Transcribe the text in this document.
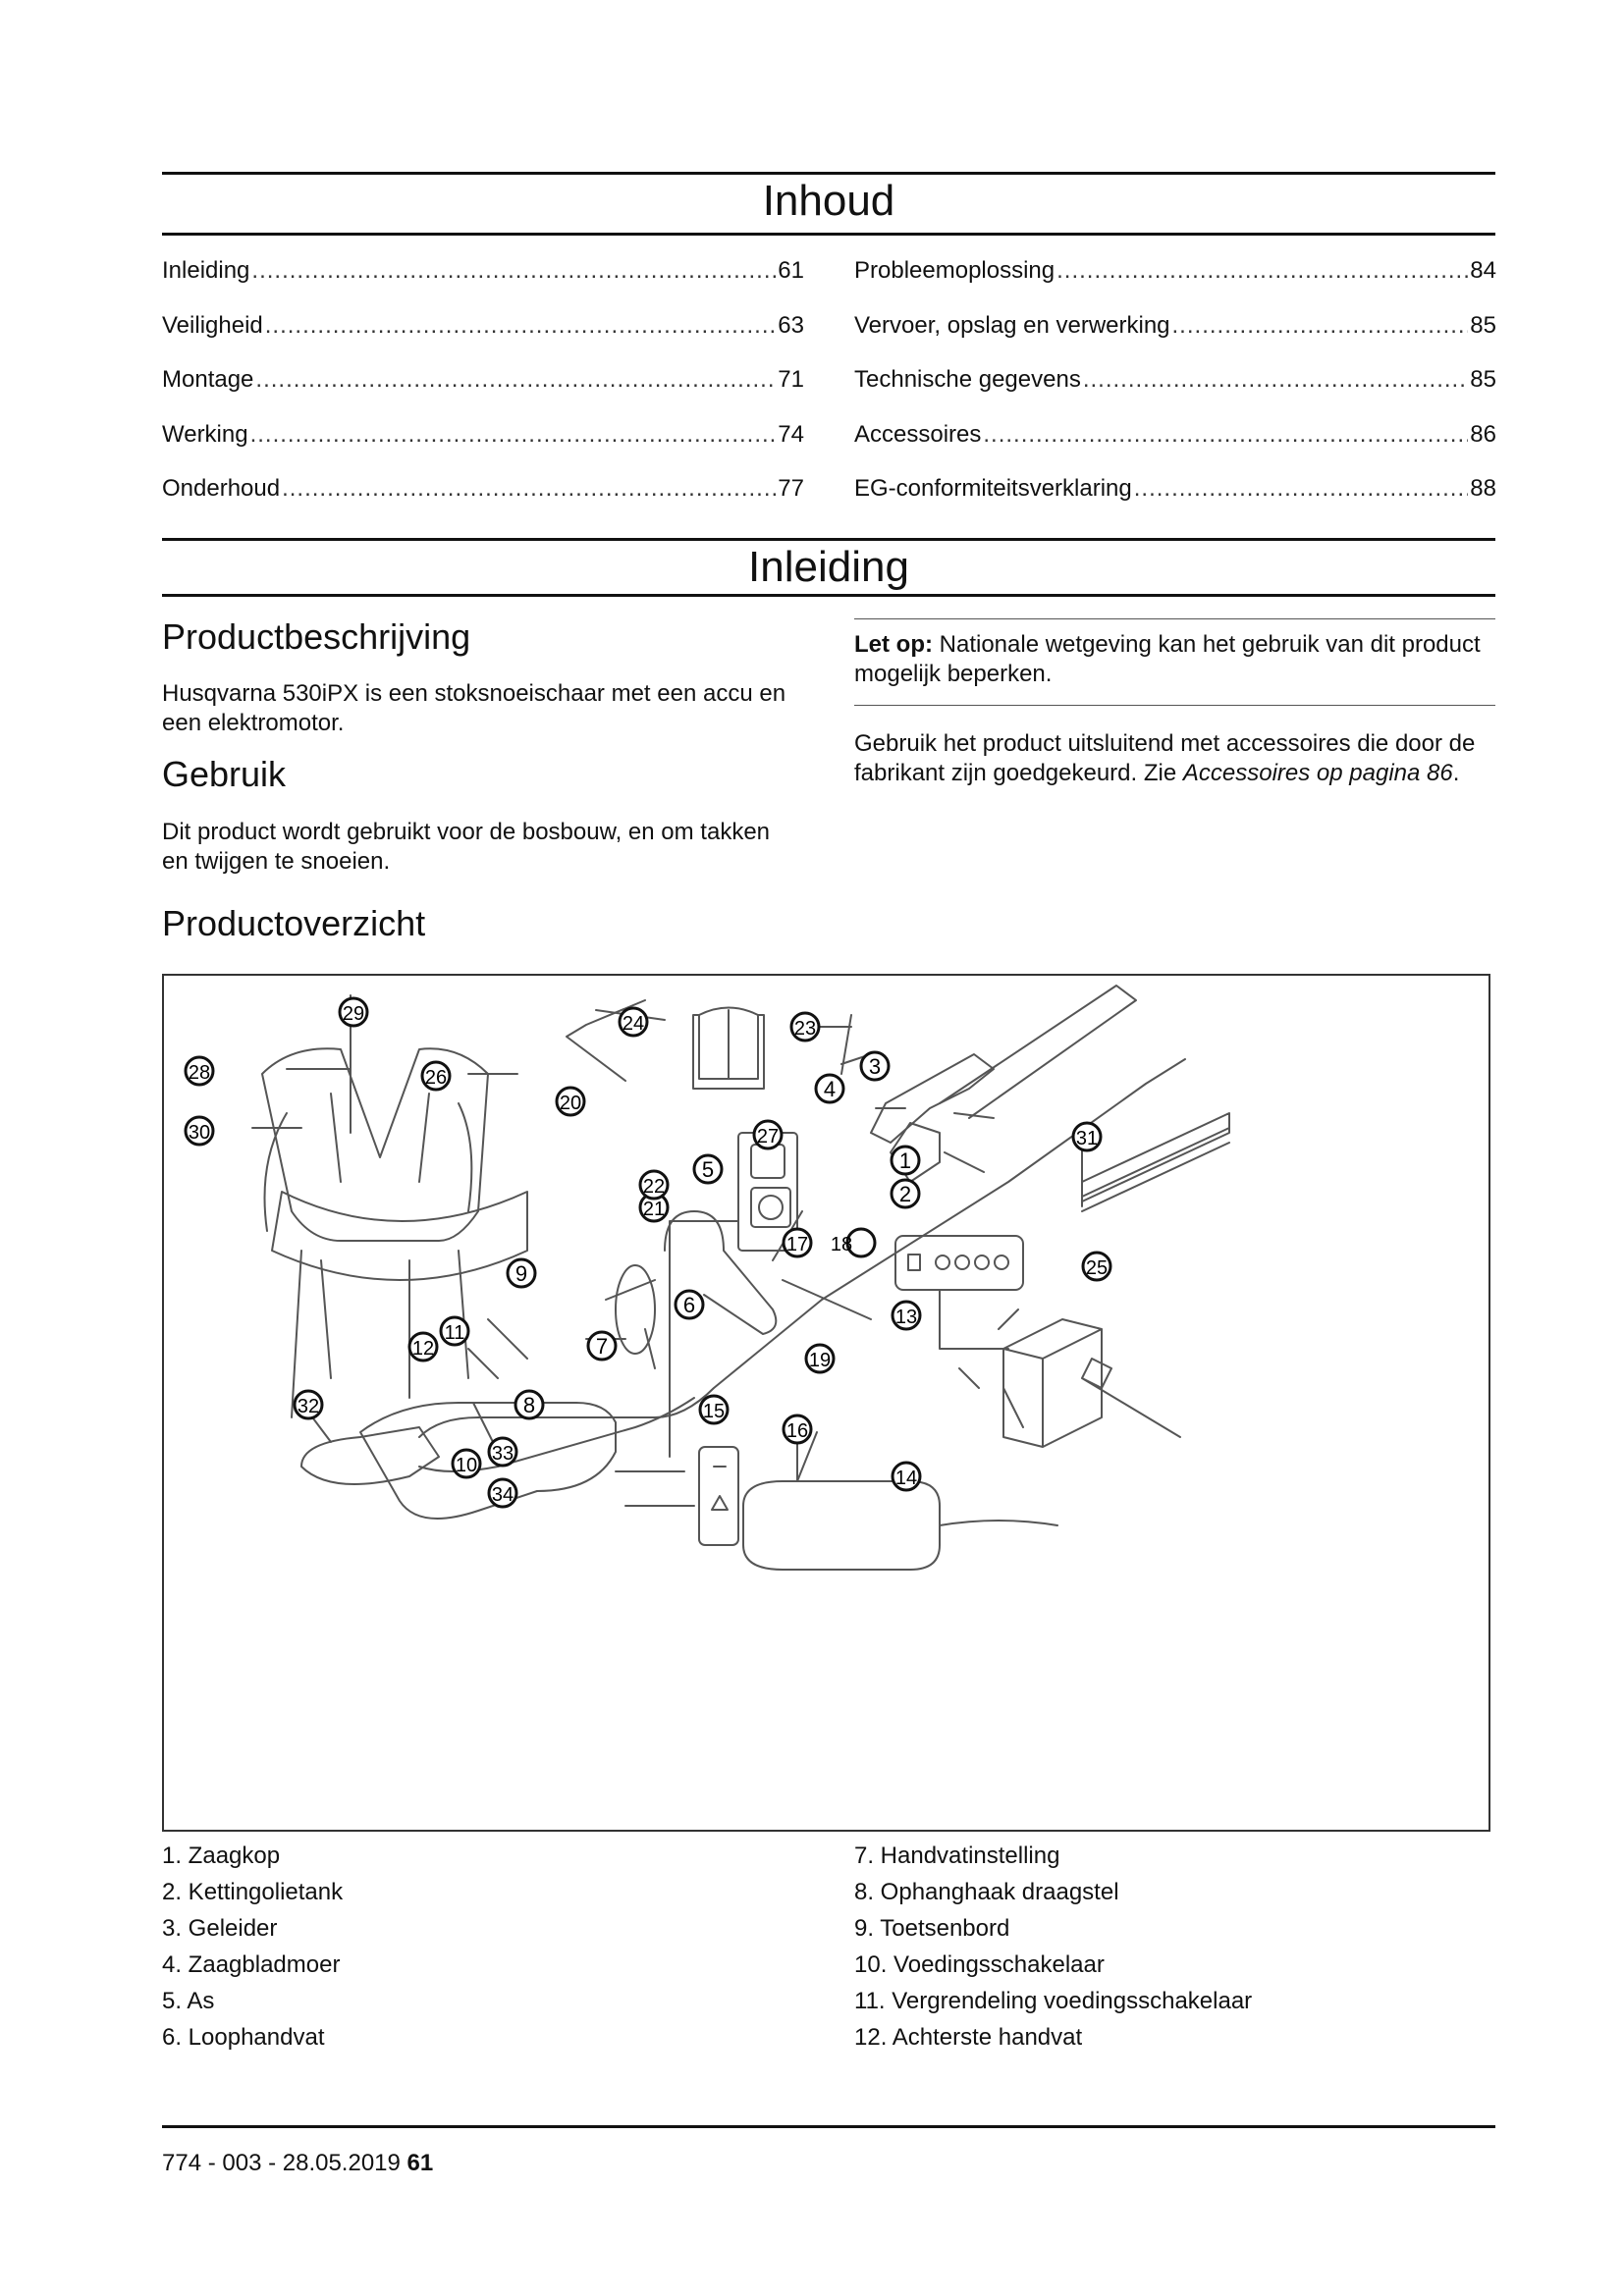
Inhoud
Inleiding .....	61
Veiligheid .....	63
Montage .....	71
Werking .....	74
Onderhoud .....	77
Probleemoplossing .....	84
Vervoer, opslag en verwerking .....	85
Technische gegevens .....	85
Accessoires .....	86
EG-conformiteitsverklaring .....	88
Inleiding
Productbeschrijving
Husqvarna 530iPX is een stoksnoeischaar met een accu en een elektromotor.
Gebruik
Dit product wordt gebruikt voor de bosbouw, en om takken en twijgen te snoeien.
Let op: Nationale wetgeving kan het gebruik van dit product mogelijk beperken.
Gebruik het product uitsluitend met accessoires die door de fabrikant zijn goedgekeurd. Zie Accessoires op pagina 86.
Productoverzicht
1
2
3
4
5
6
7
8
9
10
11
12
13
14
15
16
17 18
19
20
21
22
23
24
25
26
27
28
29
30	31
32
33
34
1. Zaagkop
2. Kettingolietank
3. Geleider
4. Zaagbladmoer
5. As
6. Loophandvat
7. Handvatinstelling
8. Ophanghaak draagstel
9. Toetsenbord
10. Voedingsschakelaar
11. Vergrendeling voedingsschakelaar
12. Achterste handvat
774 - 003 - 28.05.2019 61
